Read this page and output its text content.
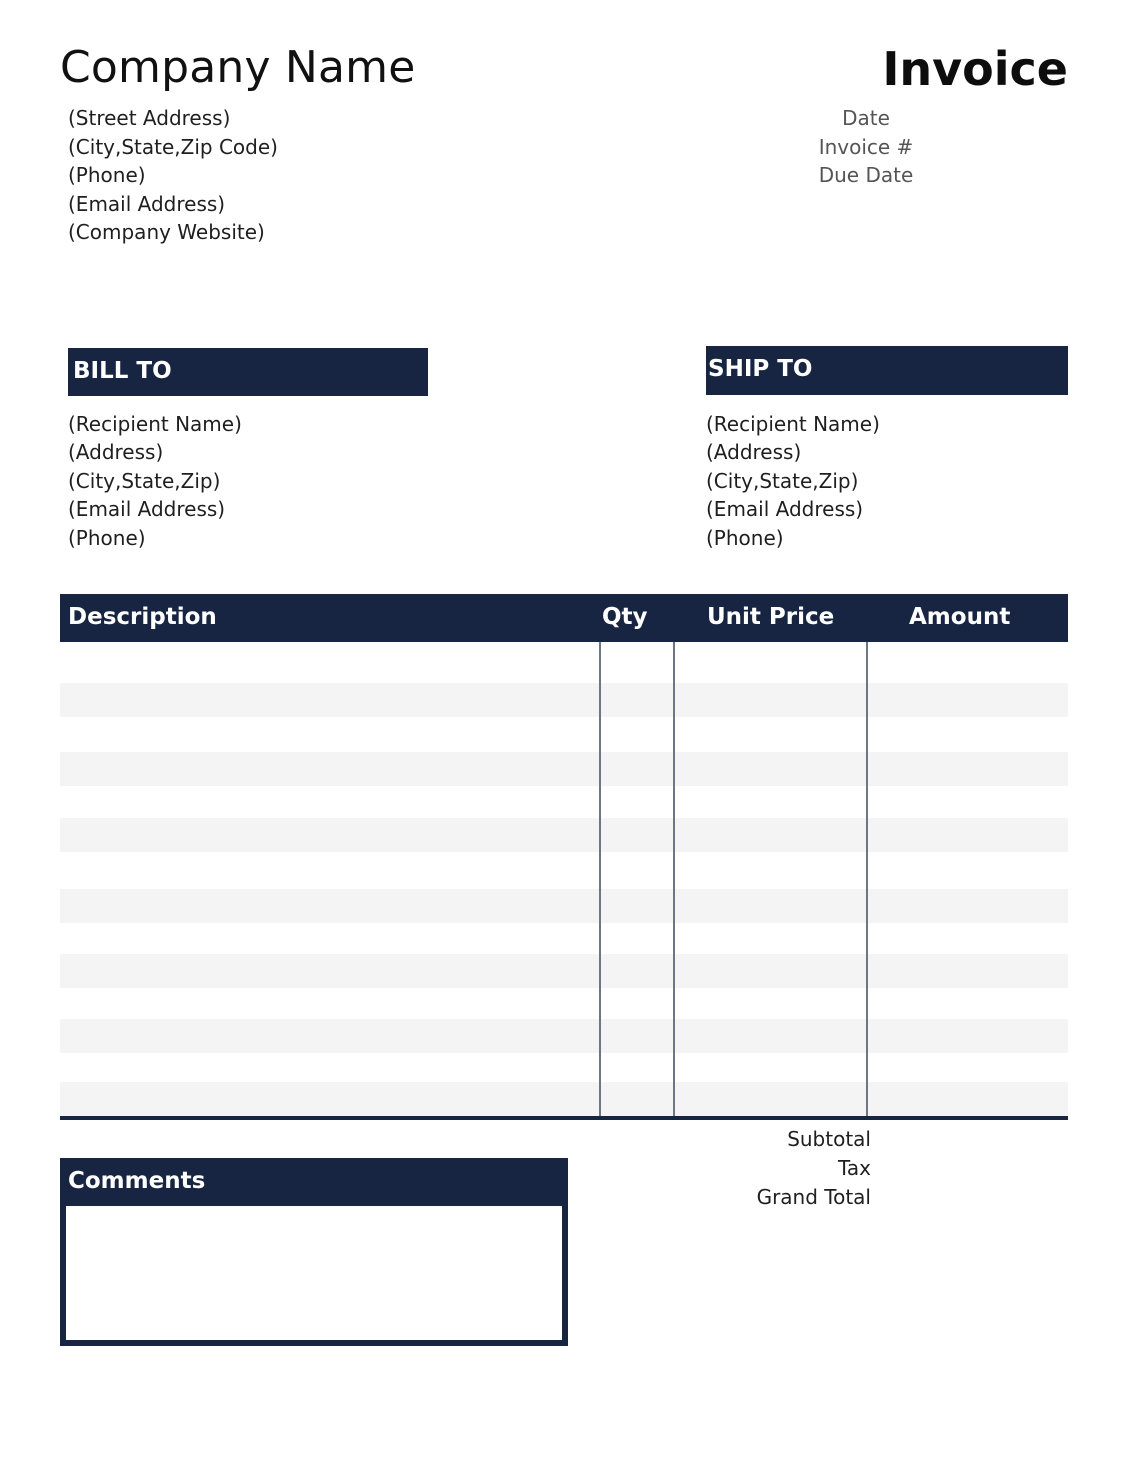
Company Name	Invoice
(Street Address)
(City,State,Zip Code)
(Phone)
(Email Address)
(Company Website)
Date
Invoice #
Due Date
BILL TO	SHIP TO
(Recipient Name)
(Address)
(City,State,Zip)
(Email Address)
(Phone)
(Recipient Name)
(Address)
(City,State,Zip)
(Email Address)
(Phone)
Description	Qty	Unit Price	Amount
Subtotal
Tax
Grand Total
Comments
